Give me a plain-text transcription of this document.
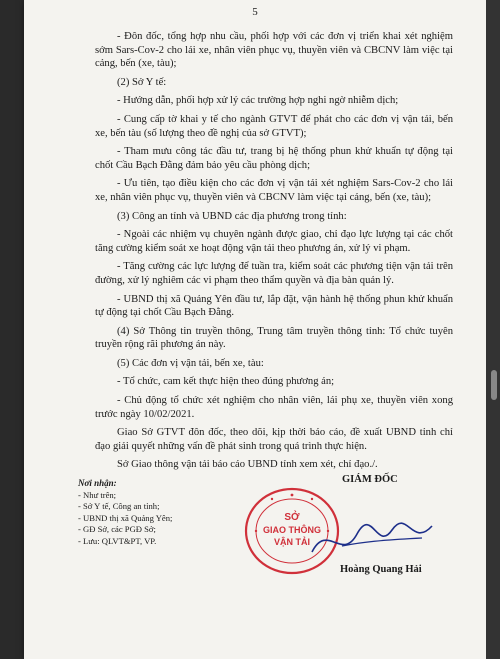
5

- Đôn đốc, tổng hợp nhu cầu, phối hợp với các đơn vị triển khai xét nghiệm sớm Sars-Cov-2 cho lái xe, nhân viên phục vụ, thuyền viên và CBCNV làm việc tại cảng, bến (xe, tàu);

(2) Sở Y tế:

- Hướng dẫn, phối hợp xử lý các trường hợp nghi ngờ nhiễm dịch;

- Cung cấp tờ khai y tế cho ngành GTVT để phát cho các đơn vị vận tải, bến xe, bến tàu (số lượng theo đề nghị của sở GTVT);

- Tham mưu công tác đầu tư, trang bị hệ thống phun khử khuẩn tự động tại chốt Cầu Bạch Đằng đảm bảo yêu cầu phòng dịch;

- Ưu tiên, tạo điều kiện cho các đơn vị vận tải xét nghiệm Sars-Cov-2 cho lái xe, nhân viên phục vụ, thuyền viên và CBCNV làm việc tại cảng, bến (xe, tàu);

(3) Công an tỉnh và UBND các địa phương trong tỉnh:

- Ngoài các nhiệm vụ chuyên ngành được giao, chỉ đạo lực lượng tại các chốt tăng cường kiểm soát xe hoạt động vận tải theo phương án, xử lý vi phạm.

- Tăng cường các lực lượng để tuần tra, kiểm soát các phương tiện vận tải trên đường, xử lý nghiêm các vi phạm theo thẩm quyền và địa bàn quản lý.

- UBND thị xã Quảng Yên đầu tư, lắp đặt, vận hành hệ thống phun khử khuẩn tự động tại chốt Cầu Bạch Đằng.

(4) Sở Thông tin truyền thông, Trung tâm truyền thông tỉnh: Tổ chức tuyên truyền rộng rãi phương án này.

(5) Các đơn vị vận tải, bến xe, tàu:

- Tổ chức, cam kết thực hiện theo đúng phương án;

- Chủ động tổ chức xét nghiệm cho nhân viên, lái phụ xe, thuyền viên xong trước ngày 10/02/2021.

Giao Sở GTVT đôn đốc, theo dõi, kịp thời báo cáo, đề xuất UBND tỉnh chỉ đạo giải quyết những vấn đề phát sinh trong quá trình thực hiện.

Sở Giao thông vận tải báo cáo UBND tỉnh xem xét, chỉ đạo./.

Nơi nhận:
- Như trên;
- Sở Y tế, Công an tỉnh;
- UBND thị xã Quảng Yên;
- GĐ Sở, các PGĐ Sở;
- Lưu: QLVT&PT, VP.
GIÁM ĐỐC
SỞ
GIAO THÔNG
VẬN TẢI
Hoàng Quang Hải
